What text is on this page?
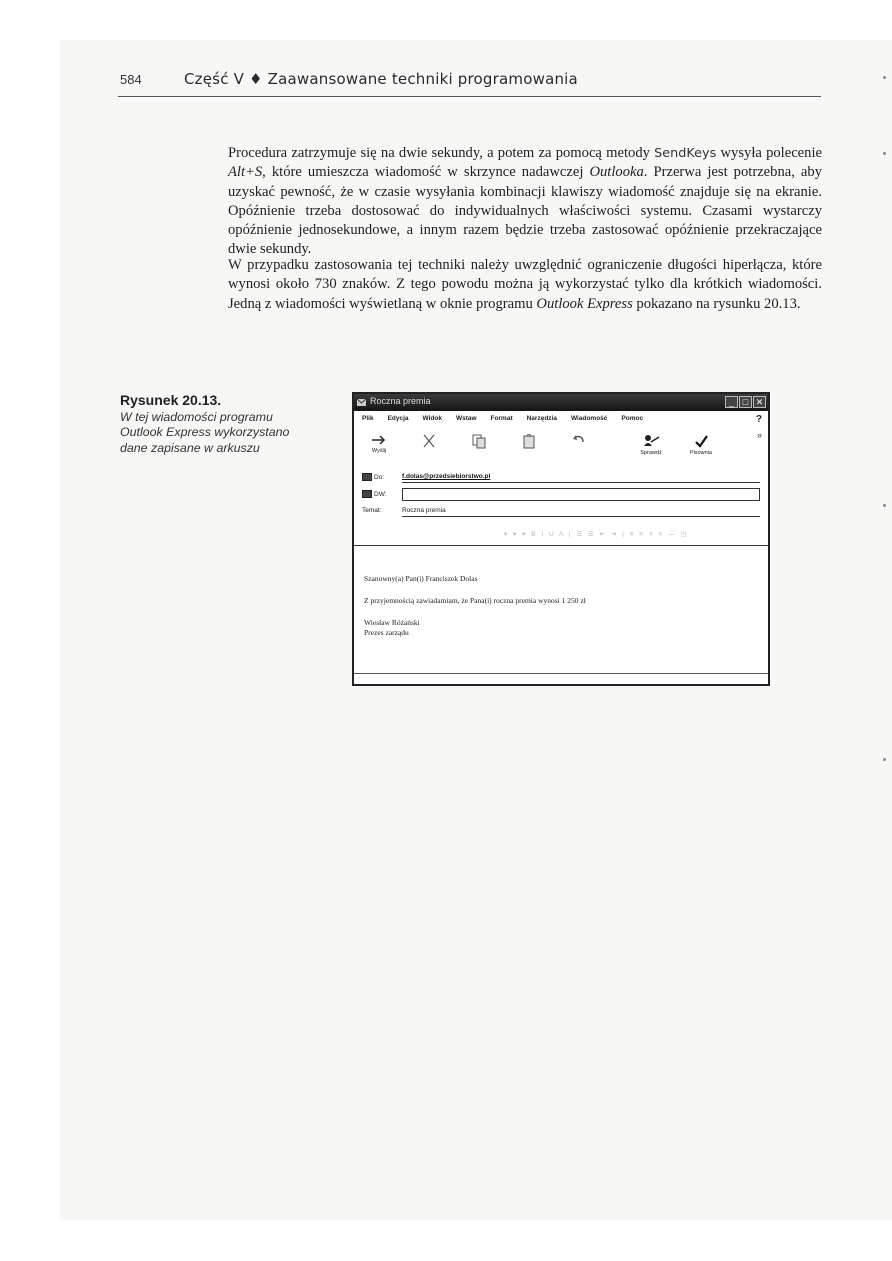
584	Część V ♦ Zaawansowane techniki programowania
Procedura zatrzymuje się na dwie sekundy, a potem za pomocą metody SendKeys wysyła polecenie Alt+S, które umieszcza wiadomość w skrzynce nadawczej Outlooka. Przerwa jest potrzebna, aby uzyskać pewność, że w czasie wysyłania kombinacji klawiszy wiadomość znajduje się na ekranie. Opóźnienie trzeba dostosować do indywidualnych właściwości systemu. Czasami wystarczy opóźnienie jednosekundowe, a innym razem będzie trzeba zastosować opóźnienie przekraczające dwie sekundy.
W przypadku zastosowania tej techniki należy uwzględnić ograniczenie długości hiperłącza, które wynosi około 730 znaków. Z tego powodu można ją wykorzystać tylko dla krótkich wiadomości. Jedną z wiadomości wyświetlaną w oknie programu Outlook Express pokazano na rysunku 20.13.
Rysunek 20.13.
W tej wiadomości programu Outlook Express wykorzystano dane zapisane w arkuszu
Roczna premia	_ □ ✕
Plik Edycja Widok Wstaw Format Narzędzia Wiadomość Pomoc	?
Wyślij	Sprawdź	Pisownia
»
Do:	f.dolas@przedsiebiorstwo.pl
DW:
Temat:	Roczna premia
▾ ▾ ▾ B I U A | ☰ ☰ ⇤ ⇥ | ≡ ≡ ≡ ≡ — ◳
Szanowny(a) Pan(i) Franciszek Dolas
Z przyjemnością zawiadamiam, że Pana(i) roczna premia wynosi 1 250 zł
Wiesław Różański
Prezes zarządu
